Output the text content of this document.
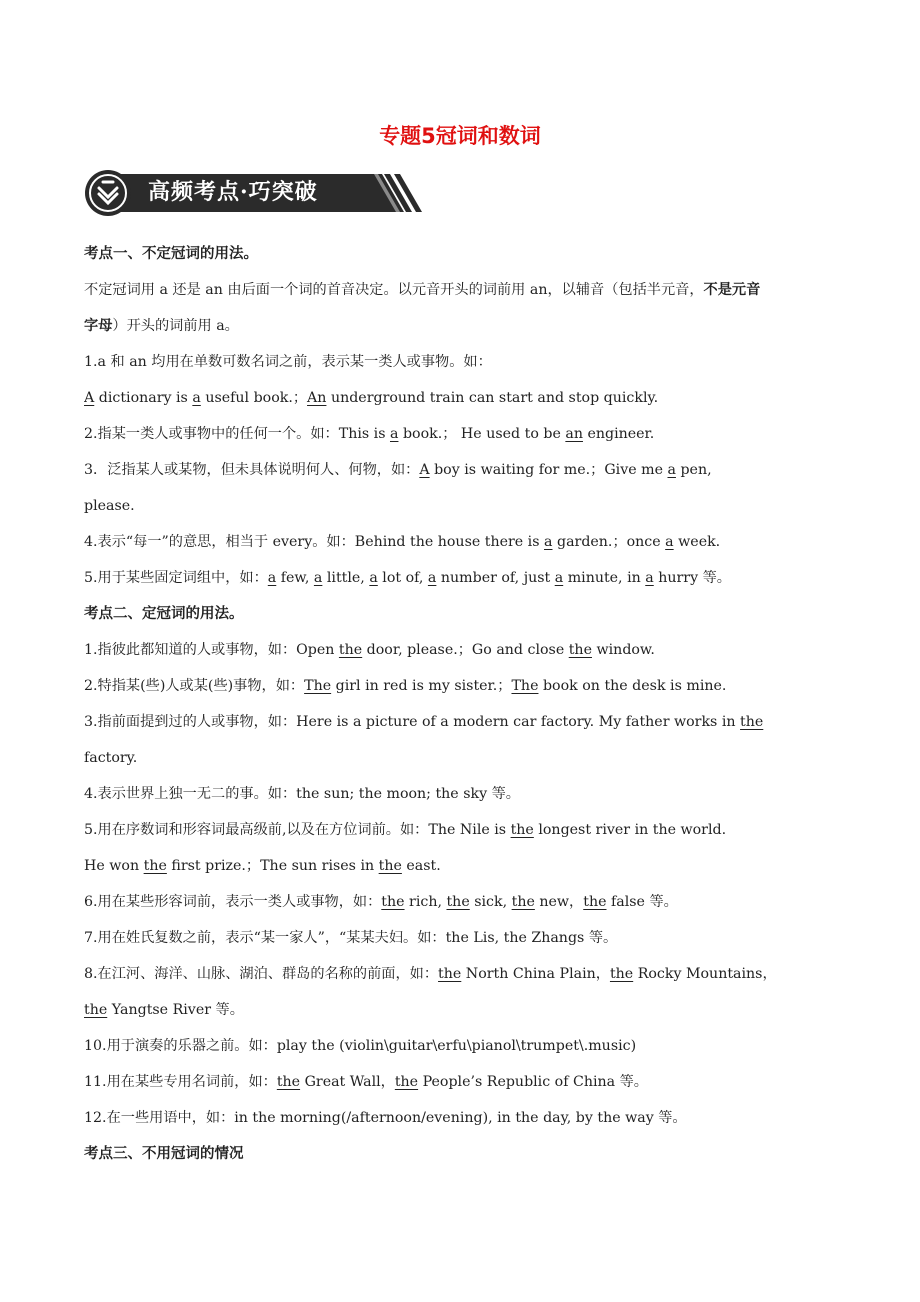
专题5冠词和数词
高频考点·巧突破
考点一、不定冠词的用法。
不定冠词用 a 还是 an 由后面一个词的首音决定。以元音开头的词前用 an，以辅音（包括半元音，不是元音
字母）开头的词前用 a。
1.a 和 an 均用在单数可数名词之前，表示某一类人或事物。如：
A dictionary is a useful book.；An underground train can start and stop quickly.
2.指某一类人或事物中的任何一个。如：This is a book.； He used to be an engineer.
3．泛指某人或某物，但未具体说明何人、何物，如：A boy is waiting for me.；Give me a pen,
please.
4.表示“每一”的意思，相当于 every。如：Behind the house there is a garden.；once a week.
5.用于某些固定词组中，如：a few, a little, a lot of, a number of, just a minute, in a hurry 等。
考点二、定冠词的用法。
1.指彼此都知道的人或事物，如：Open the door, please.；Go and close the window.
2.特指某(些)人或某(些)事物，如：The girl in red is my sister.；The book on the desk is mine.
3.指前面提到过的人或事物，如：Here is a picture of a modern car factory. My father works in the
factory.
4.表示世界上独一无二的事。如：the sun; the moon; the sky 等。
5.用在序数词和形容词最高级前,以及在方位词前。如：The Nile is the longest river in the world.
He won the first prize.；The sun rises in the east.
6.用在某些形容词前，表示一类人或事物，如：the rich, the sick, the new，the false 等。
7.用在姓氏复数之前，表示“某一家人”，“某某夫妇。如：the Lis, the Zhangs 等。
8.在江河、海洋、山脉、湖泊、群岛的名称的前面，如：the North China Plain，the Rocky Mountains，
the Yangtse River 等。
10.用于演奏的乐器之前。如：play the (violin\guitar\erfu\pianol\trumpet\.music)
11.用在某些专用名词前，如：the Great Wall，the People’s Republic of China 等。
12.在一些用语中，如：in the morning(/afternoon/evening), in the day, by the way 等。
考点三、不用冠词的情况
